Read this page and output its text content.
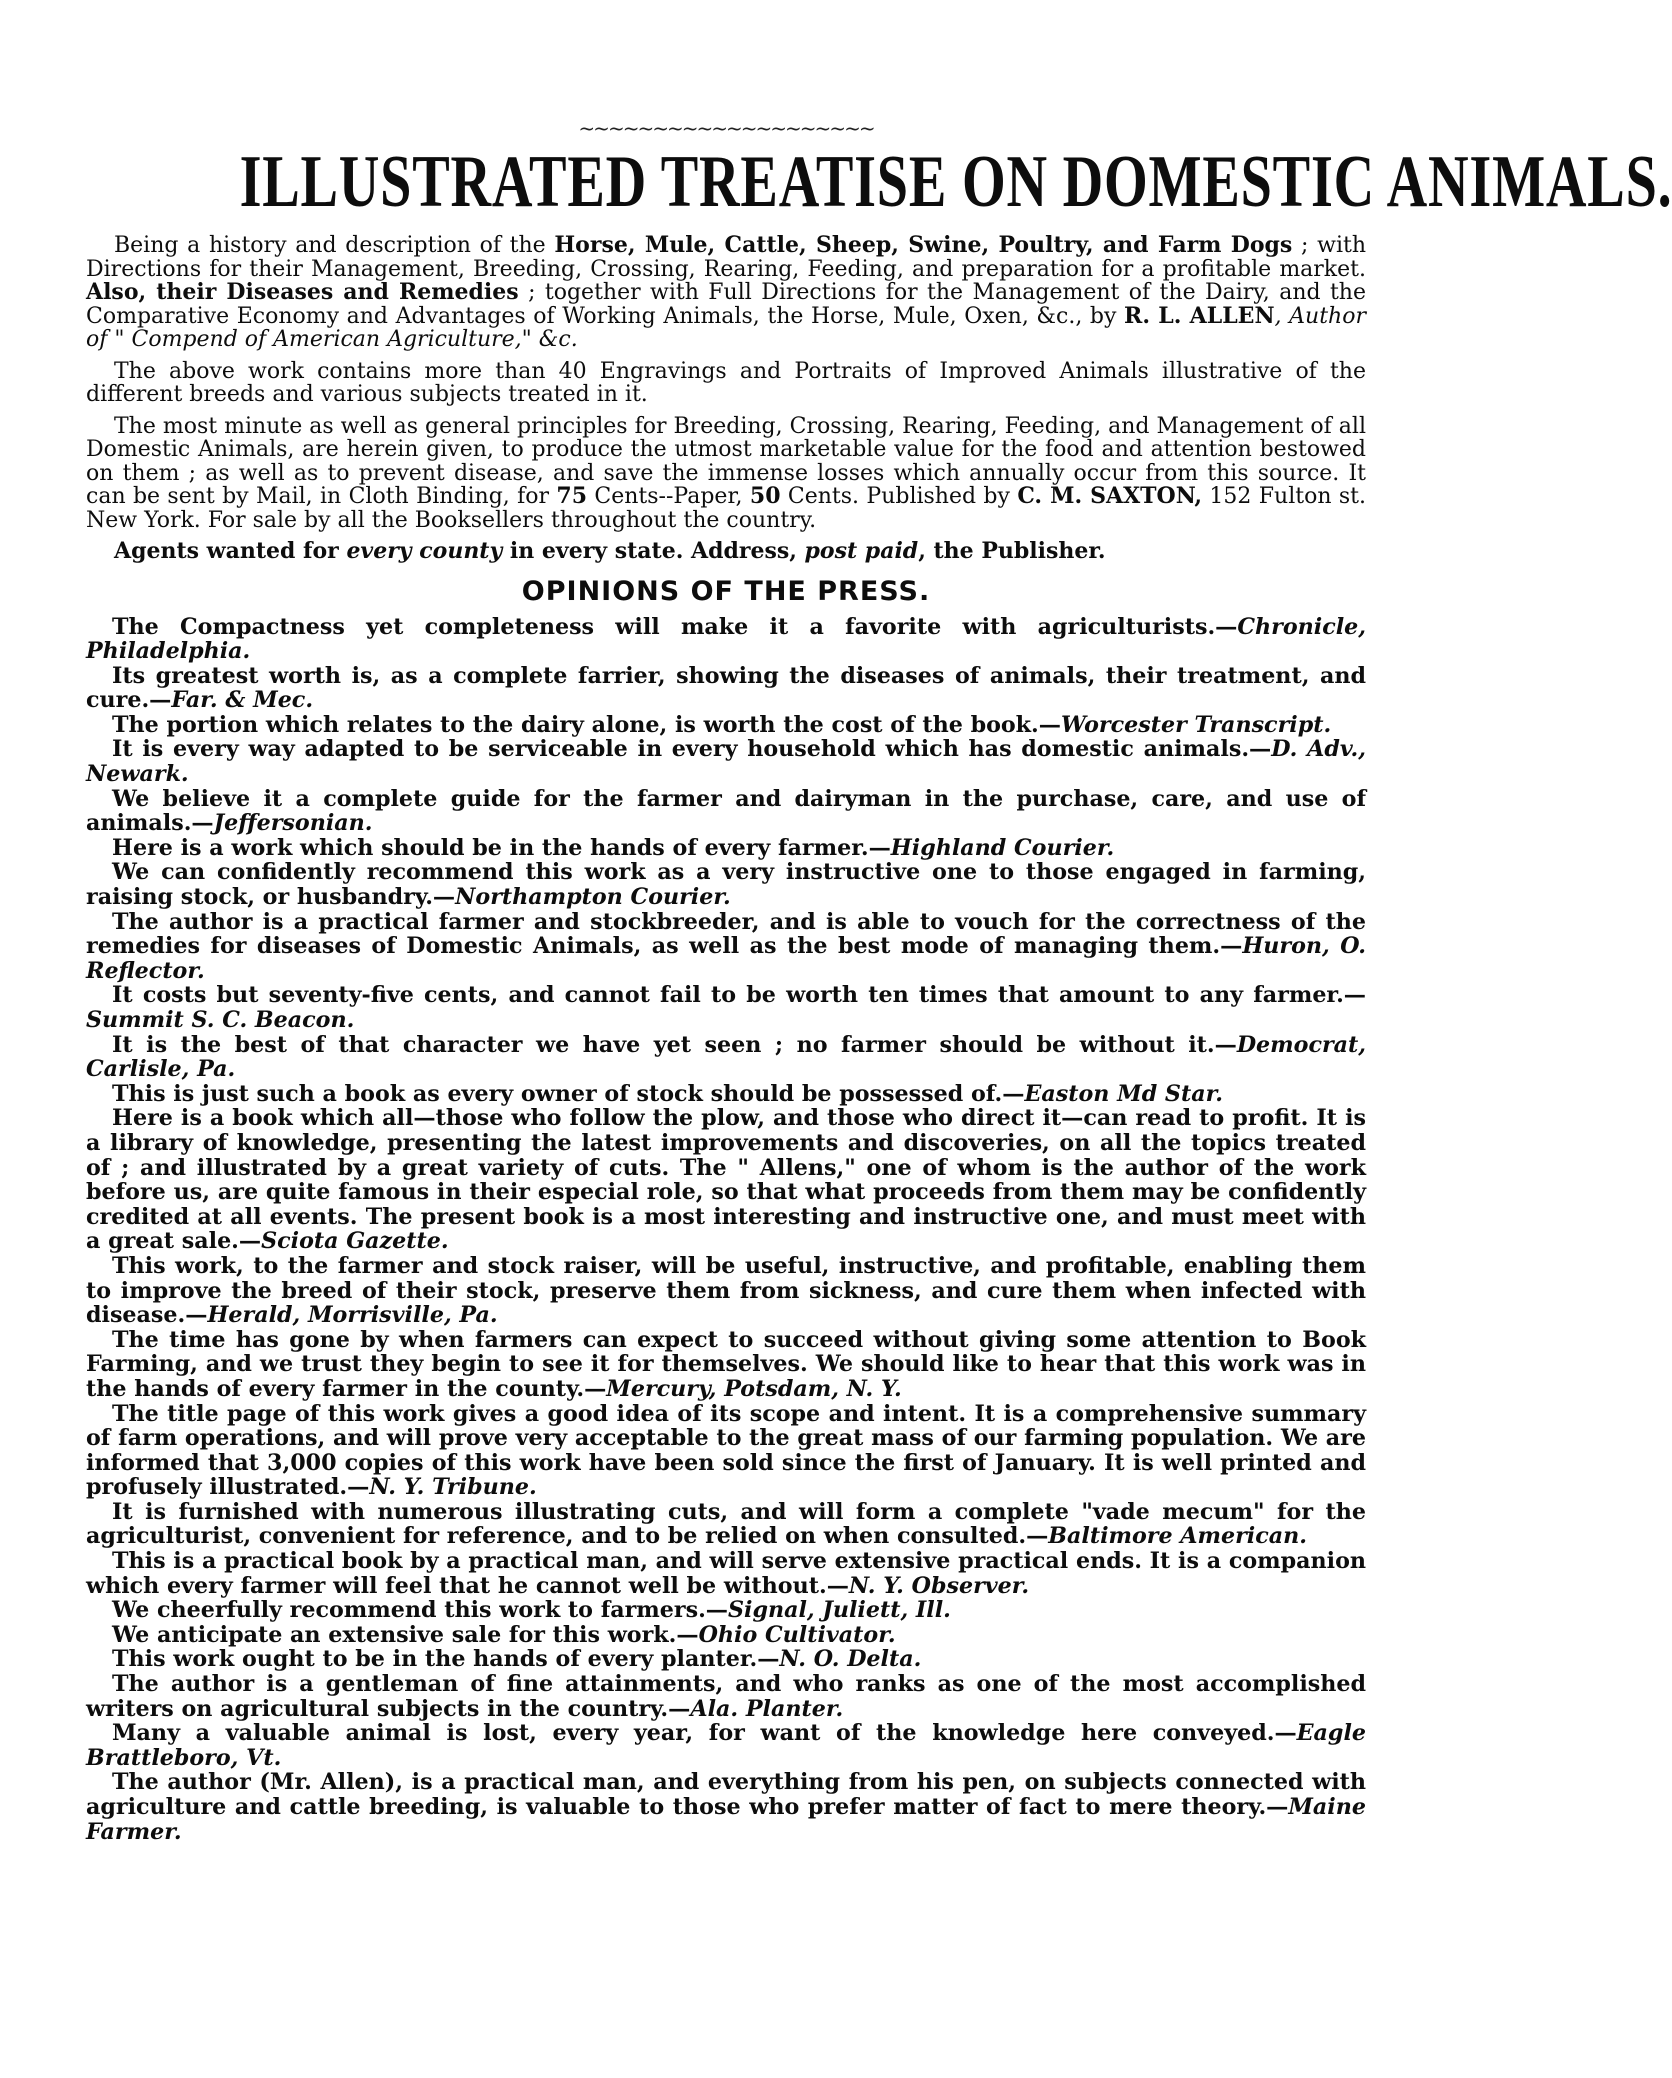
~~~~~~~~~~~~~~~~~~~~
ILLUSTRATED TREATISE ON DOMESTIC ANIMALS.

Being a history and description of the Horse, Mule, Cattle, Sheep, Swine, Poultry, and Farm Dogs ; with Directions for their Management, Breeding, Crossing, Rearing, Feeding, and preparation for a profitable market. Also, their Diseases and Remedies ; together with Full Directions for the Management of the Dairy, and the Comparative Economy and Advantages of Working Animals, the Horse, Mule, Oxen, &c., by R. L. ALLEN, Author of " Compend of American Agriculture," &c.

The above work contains more than 40 Engravings and Portraits of Improved Animals illustrative of the different breeds and various subjects treated in it.

The most minute as well as general principles for Breeding, Crossing, Rearing, Feeding, and Management of all Domestic Animals, are herein given, to produce the utmost marketable value for the food and attention bestowed on them ; as well as to prevent disease, and save the immense losses which annually occur from this source. It can be sent by Mail, in Cloth Binding, for 75 Cents--Paper, 50 Cents. Published by C. M. SAXTON, 152 Fulton st. New York. For sale by all the Booksellers throughout the country.

Agents wanted for every county in every state. Address, post paid, the Publisher.

OPINIONS OF THE PRESS.

The Compactness yet completeness will make it a favorite with agriculturists.—Chronicle, Philadelphia.

Its greatest worth is, as a complete farrier, showing the diseases of animals, their treatment, and cure.—Far. & Mec.

The portion which relates to the dairy alone, is worth the cost of the book.—Worcester Transcript.

It is every way adapted to be serviceable in every household which has domestic animals.—D. Adv., Newark.

We believe it a complete guide for the farmer and dairyman in the purchase, care, and use of animals.—Jeffersonian.

Here is a work which should be in the hands of every farmer.—Highland Courier.

We can confidently recommend this work as a very instructive one to those engaged in farming, raising stock, or husbandry.—Northampton Courier.

The author is a practical farmer and stockbreeder, and is able to vouch for the correctness of the remedies for diseases of Domestic Animals, as well as the best mode of managing them.—Huron, O. Reflector.

It costs but seventy-five cents, and cannot fail to be worth ten times that amount to any farmer.—Summit S. C. Beacon.

It is the best of that character we have yet seen ; no farmer should be without it.—Democrat, Carlisle, Pa.

This is just such a book as every owner of stock should be possessed of.—Easton Md Star.

Here is a book which all—those who follow the plow, and those who direct it—can read to profit. It is a library of knowledge, presenting the latest improvements and discoveries, on all the topics treated of ; and illustrated by a great variety of cuts. The " Allens," one of whom is the author of the work before us, are quite famous in their especial role, so that what proceeds from them may be confidently credited at all events. The present book is a most interesting and instructive one, and must meet with a great sale.—Sciota Gazette.

This work, to the farmer and stock raiser, will be useful, instructive, and profitable, enabling them to improve the breed of their stock, preserve them from sickness, and cure them when infected with disease.—Herald, Morrisville, Pa.

The time has gone by when farmers can expect to succeed without giving some attention to Book Farming, and we trust they begin to see it for themselves. We should like to hear that this work was in the hands of every farmer in the county.—Mercury, Potsdam, N. Y.

The title page of this work gives a good idea of its scope and intent. It is a comprehensive summary of farm operations, and will prove very acceptable to the great mass of our farming population. We are informed that 3,000 copies of this work have been sold since the first of January. It is well printed and profusely illustrated.—N. Y. Tribune.

It is furnished with numerous illustrating cuts, and will form a complete "vade mecum" for the agriculturist, convenient for reference, and to be relied on when consulted.—Baltimore American.

This is a practical book by a practical man, and will serve extensive practical ends. It is a companion which every farmer will feel that he cannot well be without.—N. Y. Observer.

We cheerfully recommend this work to farmers.—Signal, Juliett, Ill.

We anticipate an extensive sale for this work.—Ohio Cultivator.

This work ought to be in the hands of every planter.—N. O. Delta.

The author is a gentleman of fine attainments, and who ranks as one of the most accomplished writers on agricultural subjects in the country.—Ala. Planter.

Many a valuable animal is lost, every year, for want of the knowledge here conveyed.—Eagle Brattleboro, Vt.

The author (Mr. Allen), is a practical man, and everything from his pen, on subjects connected with agriculture and cattle breeding, is valuable to those who prefer matter of fact to mere theory.—Maine Farmer.
